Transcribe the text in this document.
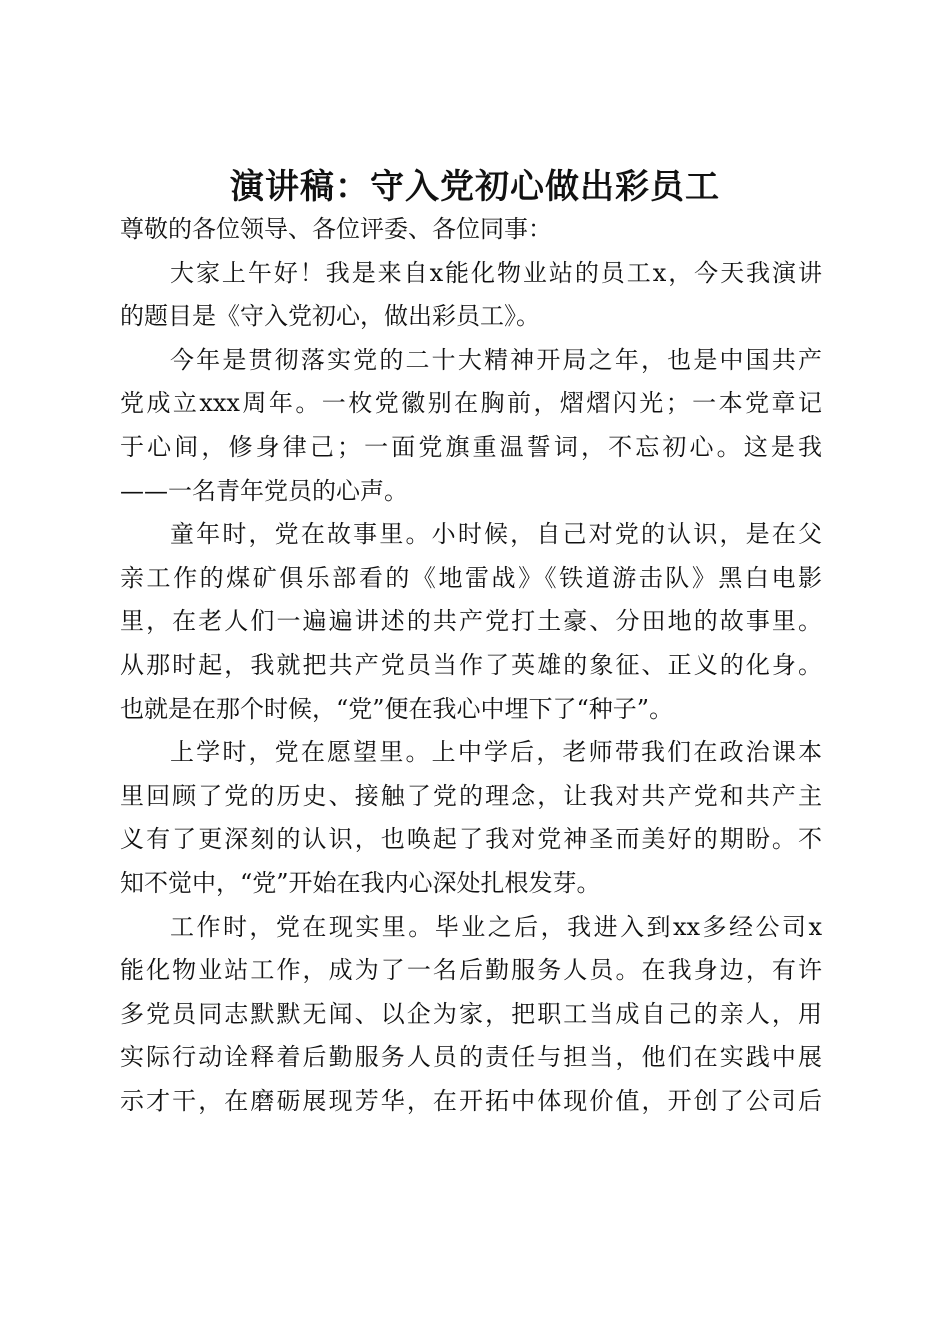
演讲稿：守入党初心做出彩员工
尊敬的各位领导、各位评委、各位同事：
大家上午好！我是来自x能化物业站的员工x，今天我演讲
的题目是《守入党初心，做出彩员工》。
今年是贯彻落实党的二十大精神开局之年，也是中国共产
党成立xxx周年。一枚党徽别在胸前，熠熠闪光；一本党章记
于心间，修身律己；一面党旗重温誓词，不忘初心。这是我
——一名青年党员的心声。
童年时，党在故事里。小时候，自己对党的认识，是在父
亲工作的煤矿俱乐部看的《地雷战》《铁道游击队》黑白电影
里，在老人们一遍遍讲述的共产党打土豪、分田地的故事里。
从那时起，我就把共产党员当作了英雄的象征、正义的化身。
也就是在那个时候，“党”便在我心中埋下了“种子”。
上学时，党在愿望里。上中学后，老师带我们在政治课本
里回顾了党的历史、接触了党的理念，让我对共产党和共产主
义有了更深刻的认识，也唤起了我对党神圣而美好的期盼。不
知不觉中，“党”开始在我内心深处扎根发芽。
工作时，党在现实里。毕业之后，我进入到xx多经公司x
能化物业站工作，成为了一名后勤服务人员。在我身边，有许
多党员同志默默无闻、以企为家，把职工当成自己的亲人，用
实际行动诠释着后勤服务人员的责任与担当，他们在实践中展
示才干，在磨砺展现芳华，在开拓中体现价值，开创了公司后
